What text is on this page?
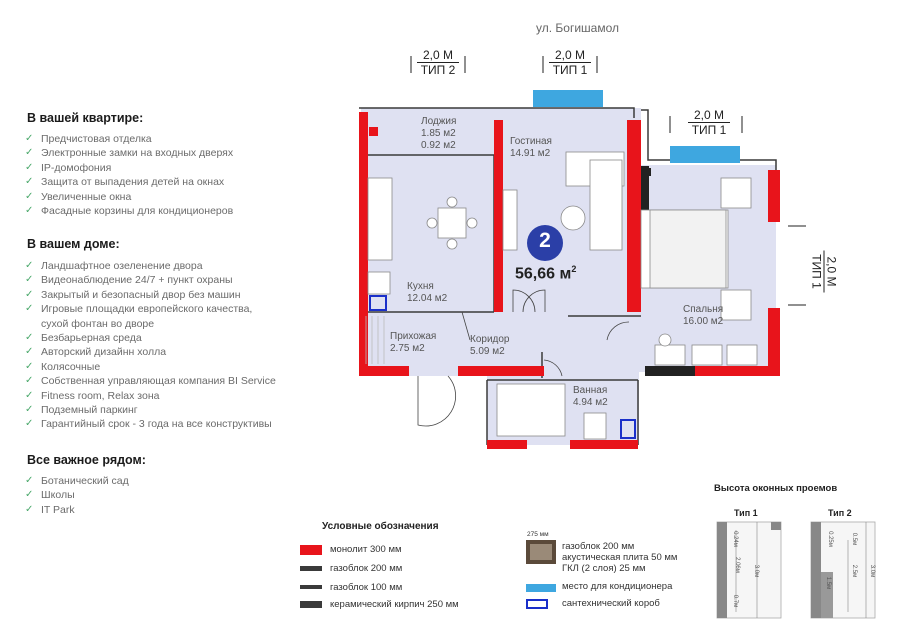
В вашей квартире:
✓ Предчистовая отделка
✓ Электронные замки на входных дверях
✓ IP-домофония
✓ Защита от выпадения детей на окнах
✓ Увеличенные окна
✓ Фасадные корзины для кондиционеров
В вашем доме:
✓ Ландшафтное озеленение двора
✓ Видеонаблюдение 24/7 + пункт охраны
✓ Закрытый и безопасный двор без машин
✓ Игровые площадки европейского качества,
сухой фонтан во дворе
✓ Безбарьерная среда
✓ Авторский дизайнн холла
✓ Колясочные
✓ Собственная управляющая компания BI Service
✓ Fitness room, Relax зона
✓ Подземный паркинг
✓ Гарантийный срок - 3 года на все конструктивы
Все важное рядом:
✓ Ботанический сад
✓ Школы
✓ IT Park
ул. Богишамол
2,0 М
ТИП 2
2,0 М
ТИП 1
2,0 М
ТИП 1
2,0 М
ТИП 1
Лоджия
1.85 м2
0.92 м2	Гостиная
14.91 м2
Кухня
12.04 м2
Прихожая
2.75 м2
Коридор
5.09 м2
Спальня
16.00 м2
Ванная
4.94 м2
2
56,66 $м^2$
Условные обозначения
монолит 300 мм
газоблок 200 мм
газоблок 100 мм
керамический кирпич 250 мм
275 мм
газоблок 200 мм
акустическая плита 50 мм
ГКЛ (2 слоя) 25 мм
место для кондиционера
сантехнический короб
Высота оконных проемов
Тип 1	Тип 2
0.24м
2.06м
0.7м
3.0м
0.25м	0.5м
2.5м
1.5м
3.0м
